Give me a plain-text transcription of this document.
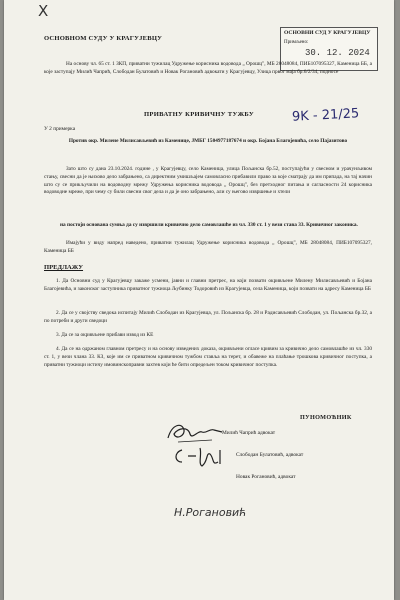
X
ОСНОВНОМ СУДУ У КРАГУЈЕВЦУ
ОСНОВНИ СУД У КРАГУЈЕВЦУ
Примљено:
30. 12. 2024
На основу чл. 65 ст. 1 ЗКП, приватни тужилац Удружење корисника водовода „ Орошц", МБ 28048084, ПИБ107095327, Каменица ББ, а које заступају Милић Чапрић, Слободан Булатовић и Новак Рогановић адвокати у Крагујевцу, Улица првог маја бр.6/2/34, подносе
ПРИВАТНУ КРИВИЧНУ ТУЖБУ	9K - 21/25
У 2 примерка
Против окр. Милене Милисављевић из Каменице, ЈМБГ 1504977187674 и окр. Бојана Благојевића, село Пајазитово
Зато што су дана 23.10.2024. године , у Крагујевцу, село Каменица, улица Пољанска бр.52, поступајући у свесном и урачунљивом стању, свесни да је њихово дело забрањено, са директним умишљајем самовласно прибавили право за које сматрају да им припада, на тај начин што су се прикључили на водоводну мрежу Удружења корисника водовода „ Орошц", без претходног питања и сагласности 24 корисника водоводне мреже, при чему су били свесни свог дела и да је оно забрањено, али су његово извршење и хтели
на постоји основана сумња да су извршили кривично дело самовлашће из чл. 330 ст. 1 у вези става 33. Кривичног законика.
Имајући у виду напред наведено, приватни тужилац Удружење корисника водовода „ Орошц", МБ 28048084, ПИБ107095327, Каменица ББ
ПРЕДЛАЖУ
1. Да Основни суд у Крагујевцу закаже усмени, јавни и главни претрес, на који позвати окривљене Милену Милисављевић и Бојана Благојевића, и законског заступника приватног тужиоца Љубинку Тодоровић из Крагујевца, села Каменица, који позвати на адресу Каменица ББ
2. Да се у својству сведока испитају Милић Слободан из Крагујевца, ул. Пољанска бр. 28 и Радисављевић Слободан, ул. Пољанска бр.32, а по потреби и други сведоци
3. Да се за окривљене прибави извод из КЕ
4. Да се на одржаном главном претресу и на основу изведених доказа, окривљени огласе кривим за кривично дело самовлашће из чл. 330 ст. 1, у вези члана 33. КЗ, које им се приватном кривичном тужбом ставља на терет, и обавеже на плаћање трошкова кривичног поступка, а приватни тужиоци истичу имовинскоправни захтев који ће бити опредељен током кривичног поступка.
ПУНОМОЋНИК
Милић Чапрић адвокат
Слободан Булатовић, адвокат
Новак Рогановић, адвокат
Н.Рогановић
